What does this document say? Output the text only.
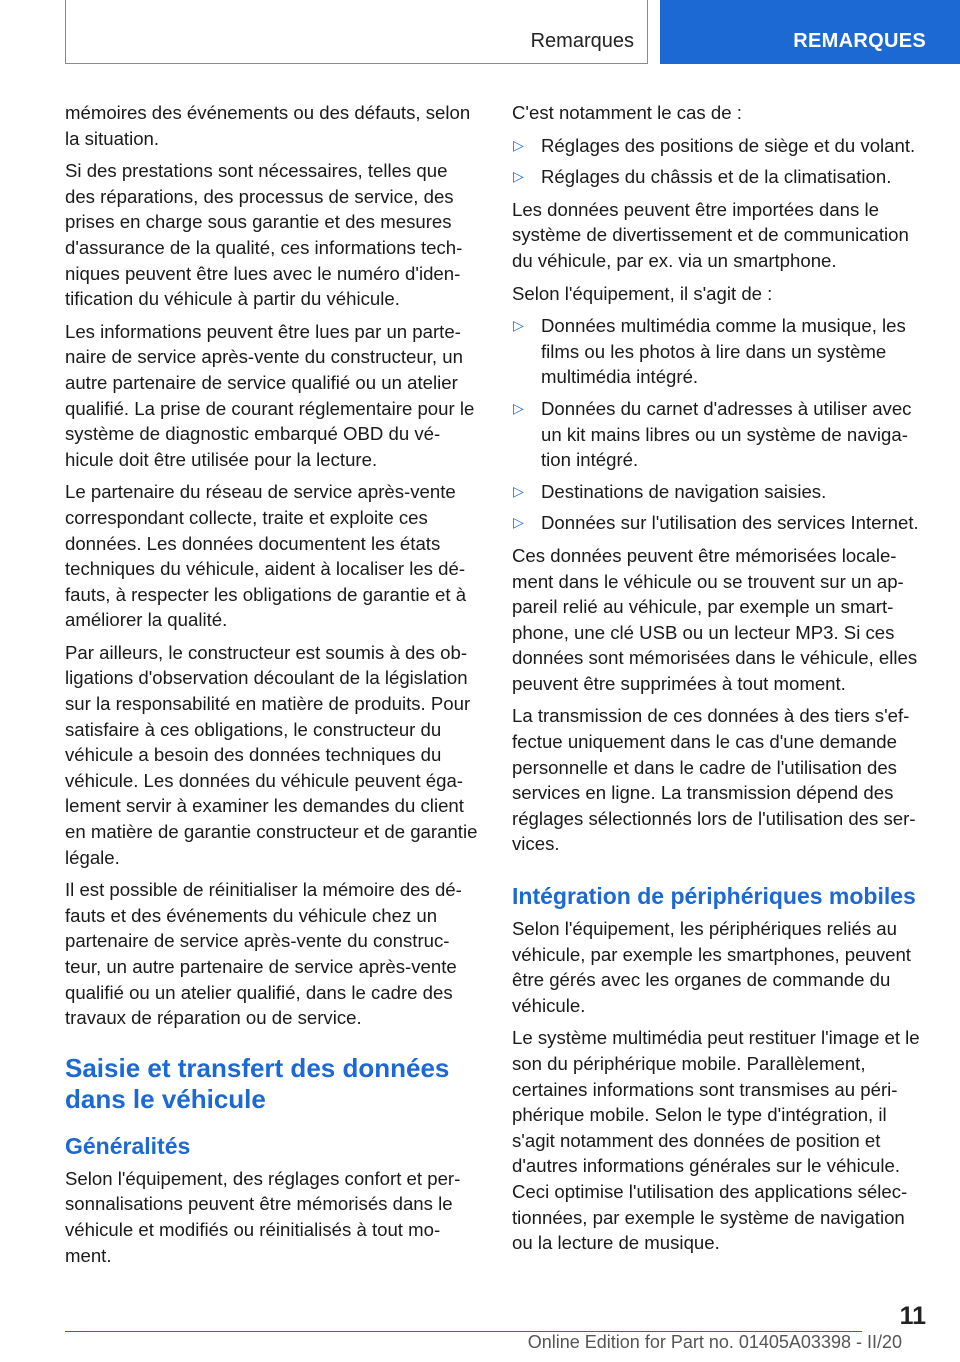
Remarques	REMARQUES

mémoires des événements ou des défauts, selon la situation.

Si des prestations sont nécessaires, telles que des réparations, des processus de service, des prises en charge sous garantie et des mesures d'assurance de la qualité, ces informations techniques peuvent être lues avec le numéro d'identification du véhicule à partir du véhicule.

Les informations peuvent être lues par un partenaire de service après-vente du constructeur, un autre partenaire de service qualifié ou un atelier qualifié. La prise de courant réglementaire pour le système de diagnostic embarqué OBD du véhicule doit être utilisée pour la lecture.

Le partenaire du réseau de service après-vente correspondant collecte, traite et exploite ces données. Les données documentent les états techniques du véhicule, aident à localiser les défauts, à respecter les obligations de garantie et à améliorer la qualité.

Par ailleurs, le constructeur est soumis à des obligations d'observation découlant de la législation sur la responsabilité en matière de produits. Pour satisfaire à ces obligations, le constructeur du véhicule a besoin des données techniques du véhicule. Les données du véhicule peuvent également servir à examiner les demandes du client en matière de garantie constructeur et de garantie légale.

Il est possible de réinitialiser la mémoire des défauts et des événements du véhicule chez un partenaire de service après-vente du constructeur, un autre partenaire de service après-vente qualifié ou un atelier qualifié, dans le cadre des travaux de réparation ou de service.

Saisie et transfert des données dans le véhicule
Généralités

Selon l'équipement, des réglages confort et personnalisations peuvent être mémorisés dans le véhicule et modifiés ou réinitialisés à tout moment.

C'est notamment le cas de :

▷ Réglages des positions de siège et du volant.
▷ Réglages du châssis et de la climatisation.

Les données peuvent être importées dans le système de divertissement et de communication du véhicule, par ex. via un smartphone.

Selon l'équipement, il s'agit de :

▷ Données multimédia comme la musique, les films ou les photos à lire dans un système multimédia intégré.
▷ Données du carnet d'adresses à utiliser avec un kit mains libres ou un système de navigation intégré.
▷ Destinations de navigation saisies.
▷ Données sur l'utilisation des services Internet.

Ces données peuvent être mémorisées localement dans le véhicule ou se trouvent sur un appareil relié au véhicule, par exemple un smartphone, une clé USB ou un lecteur MP3. Si ces données sont mémorisées dans le véhicule, elles peuvent être supprimées à tout moment.

La transmission de ces données à des tiers s'effectue uniquement dans le cas d'une demande personnelle et dans le cadre de l'utilisation des services en ligne. La transmission dépend des réglages sélectionnés lors de l'utilisation des services.

Intégration de périphériques mobiles

Selon l'équipement, les périphériques reliés au véhicule, par exemple les smartphones, peuvent être gérés avec les organes de commande du véhicule.

Le système multimédia peut restituer l'image et le son du périphérique mobile. Parallèlement, certaines informations sont transmises au périphérique mobile. Selon le type d'intégration, il s'agit notamment des données de position et d'autres informations générales sur le véhicule. Ceci optimise l'utilisation des applications sélectionnées, par exemple le système de navigation ou la lecture de musique.

11
Online Edition for Part no. 01405A03398 - II/20
